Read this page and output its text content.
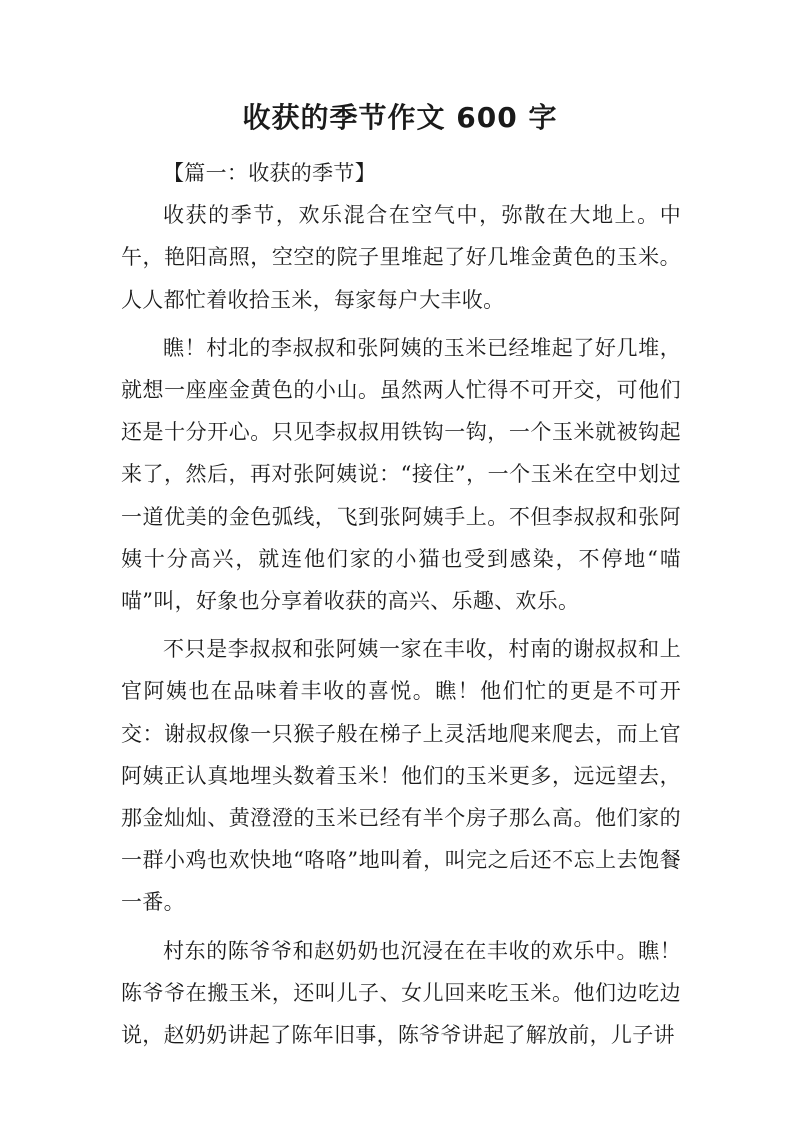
收获的季节作文 600 字

【篇一：收获的季节】

收获的季节，欢乐混合在空气中，弥散在大地上。中午，艳阳高照，空空的院子里堆起了好几堆金黄色的玉米。人人都忙着收拾玉米，每家每户大丰收。

瞧！村北的李叔叔和张阿姨的玉米已经堆起了好几堆，就想一座座金黄色的小山。虽然两人忙得不可开交，可他们还是十分开心。只见李叔叔用铁钩一钩，一个玉米就被钩起来了，然后，再对张阿姨说：“接住”，一个玉米在空中划过一道优美的金色弧线，飞到张阿姨手上。不但李叔叔和张阿姨十分高兴，就连他们家的小猫也受到感染，不停地“喵喵”叫，好象也分享着收获的高兴、乐趣、欢乐。

不只是李叔叔和张阿姨一家在丰收，村南的谢叔叔和上官阿姨也在品味着丰收的喜悦。瞧！他们忙的更是不可开交：谢叔叔像一只猴子般在梯子上灵活地爬来爬去，而上官阿姨正认真地埋头数着玉米！他们的玉米更多，远远望去，那金灿灿、黄澄澄的玉米已经有半个房子那么高。他们家的一群小鸡也欢快地“咯咯”地叫着，叫完之后还不忘上去饱餐一番。

村东的陈爷爷和赵奶奶也沉浸在在丰收的欢乐中。瞧！陈爷爷在搬玉米，还叫儿子、女儿回来吃玉米。他们边吃边说，赵奶奶讲起了陈年旧事，陈爷爷讲起了解放前，儿子讲
